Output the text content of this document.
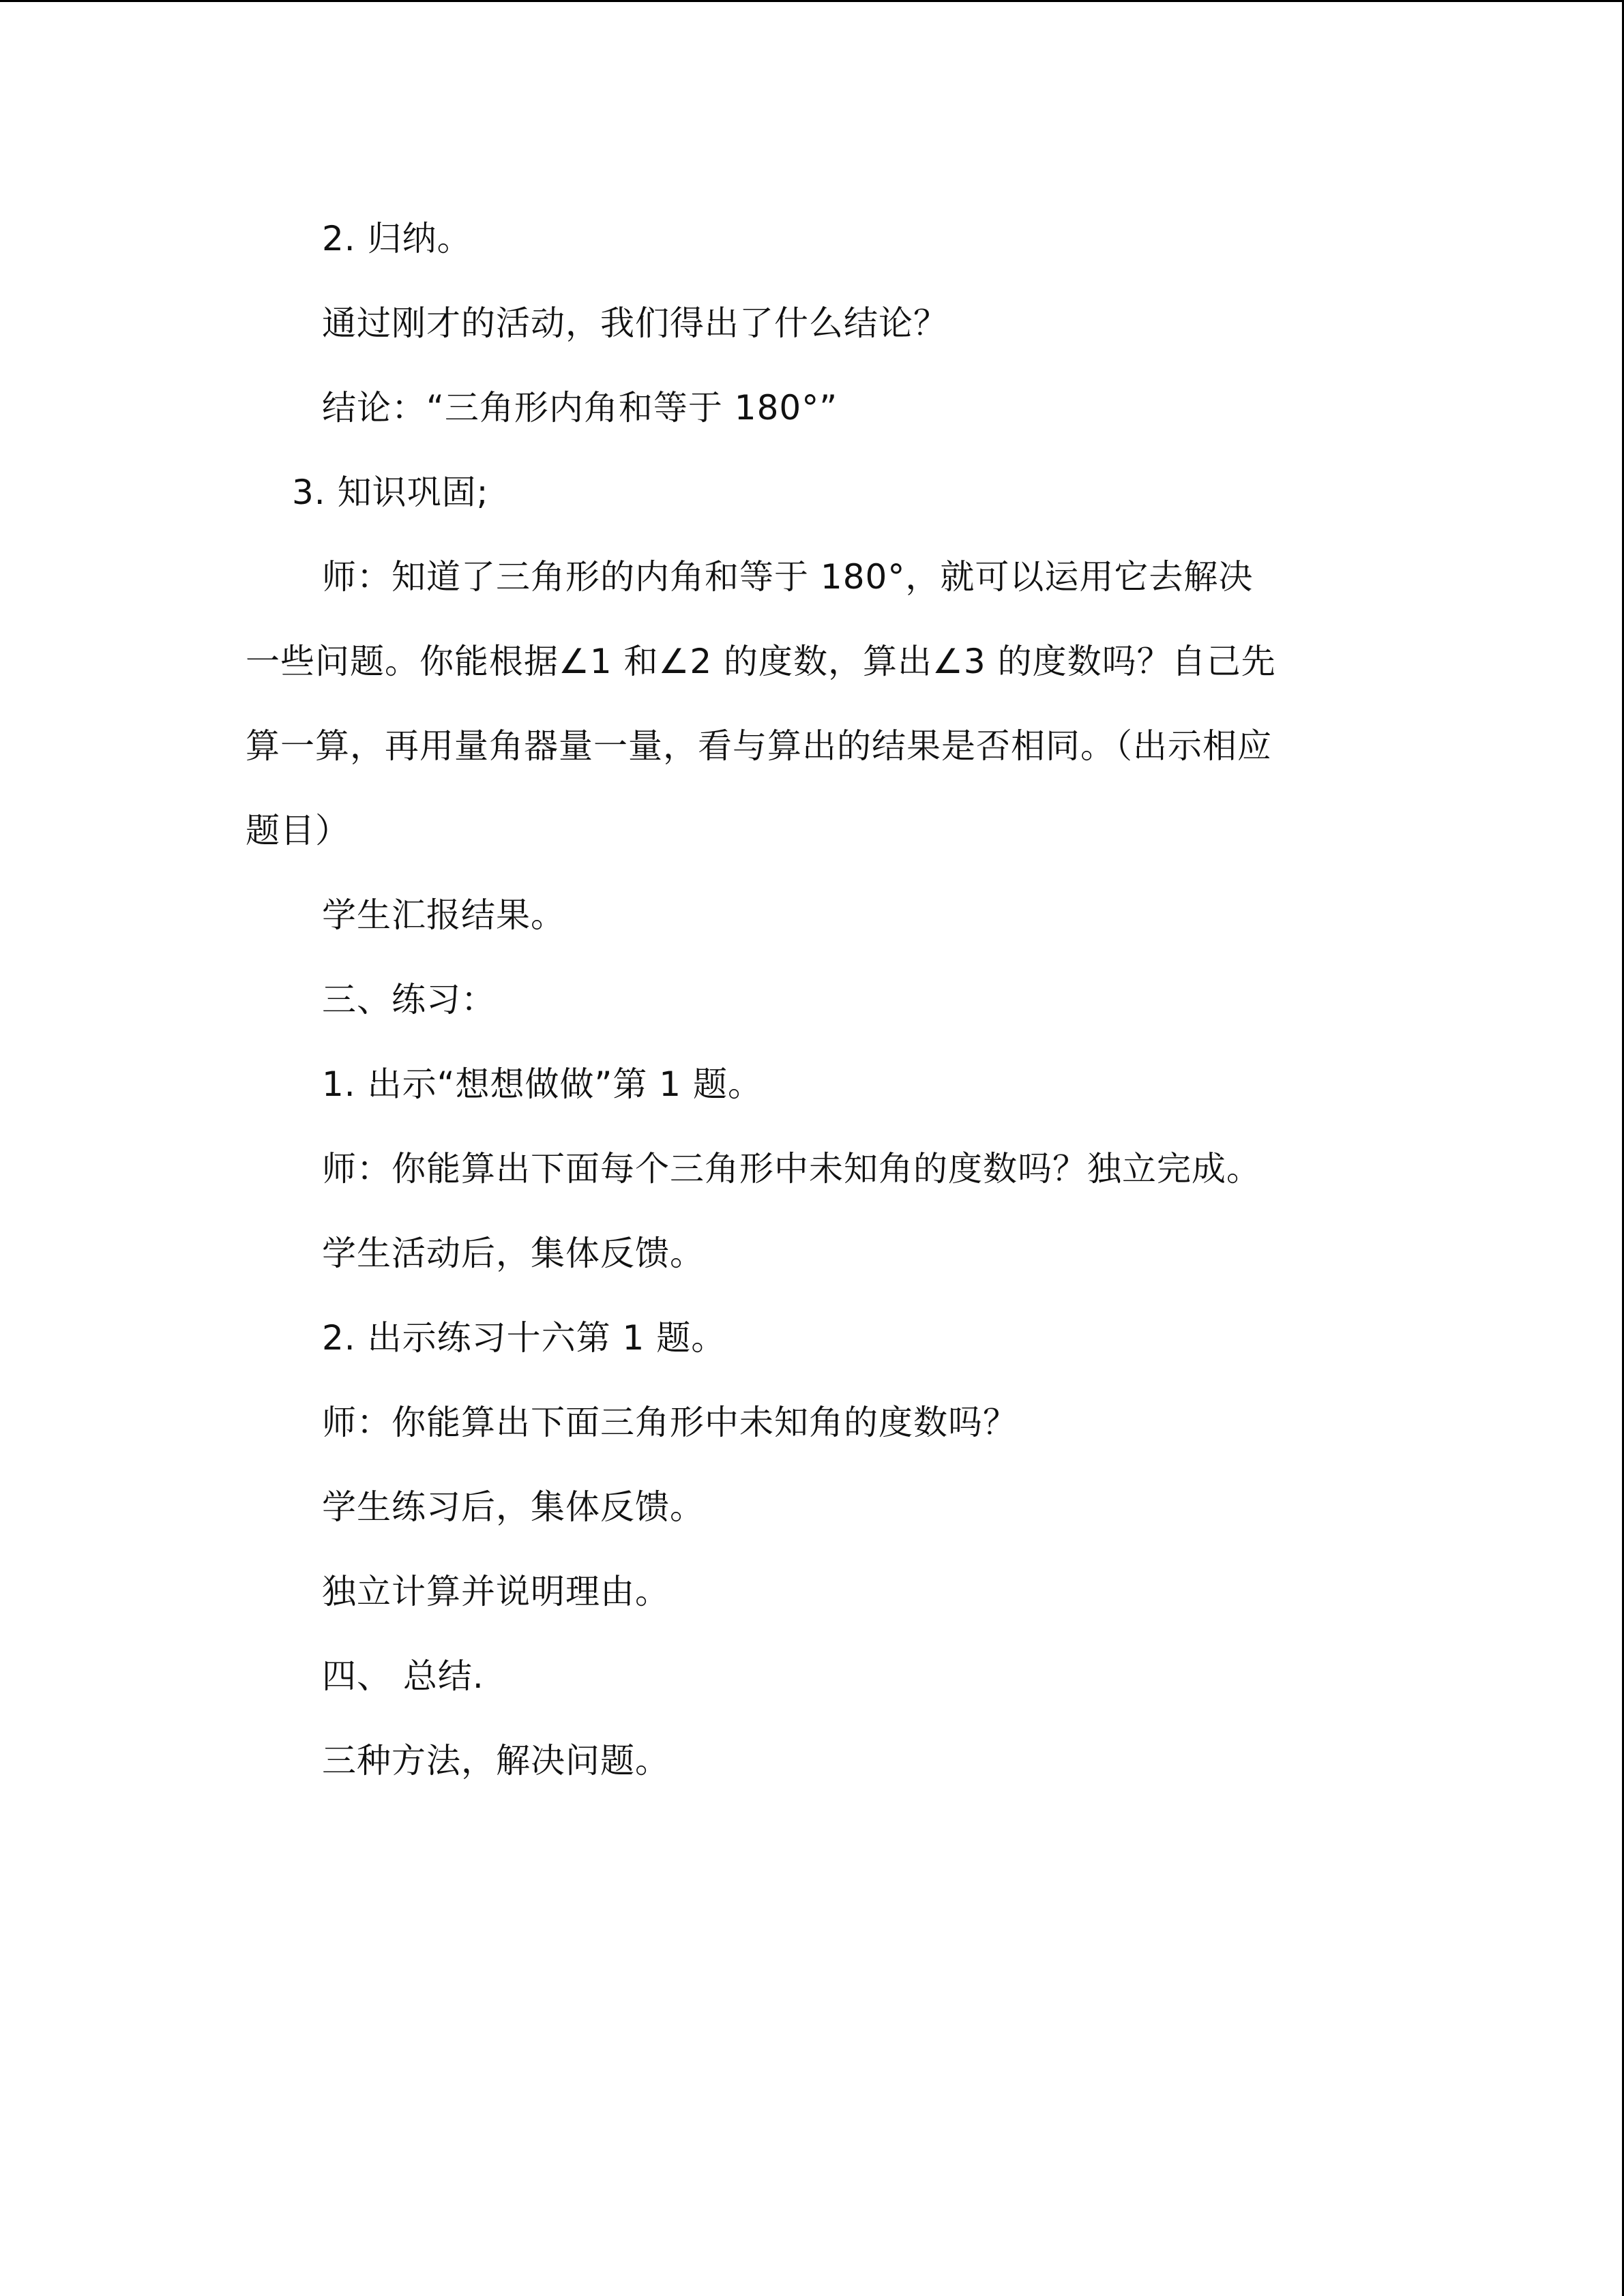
2. 归纳。
通过刚才的活动，我们得出了什么结论？
结论：“三角形内角和等于 180°”
3. 知识巩固;
师：知道了三角形的内角和等于 180°，就可以运用它去解决
一些问题。你能根据∠1 和∠2 的度数，算出∠3 的度数吗？自己先
算一算，再用量角器量一量，看与算出的结果是否相同。（出示相应
题目）
学生汇报结果。
三、练习：
1. 出示“想想做做”第 1 题。
师：你能算出下面每个三角形中未知角的度数吗？独立完成。
学生活动后，集体反馈。
2. 出示练习十六第 1 题。
师：你能算出下面三角形中未知角的度数吗？
学生练习后，集体反馈。
独立计算并说明理由。
四、 总结.
三种方法，解决问题。
